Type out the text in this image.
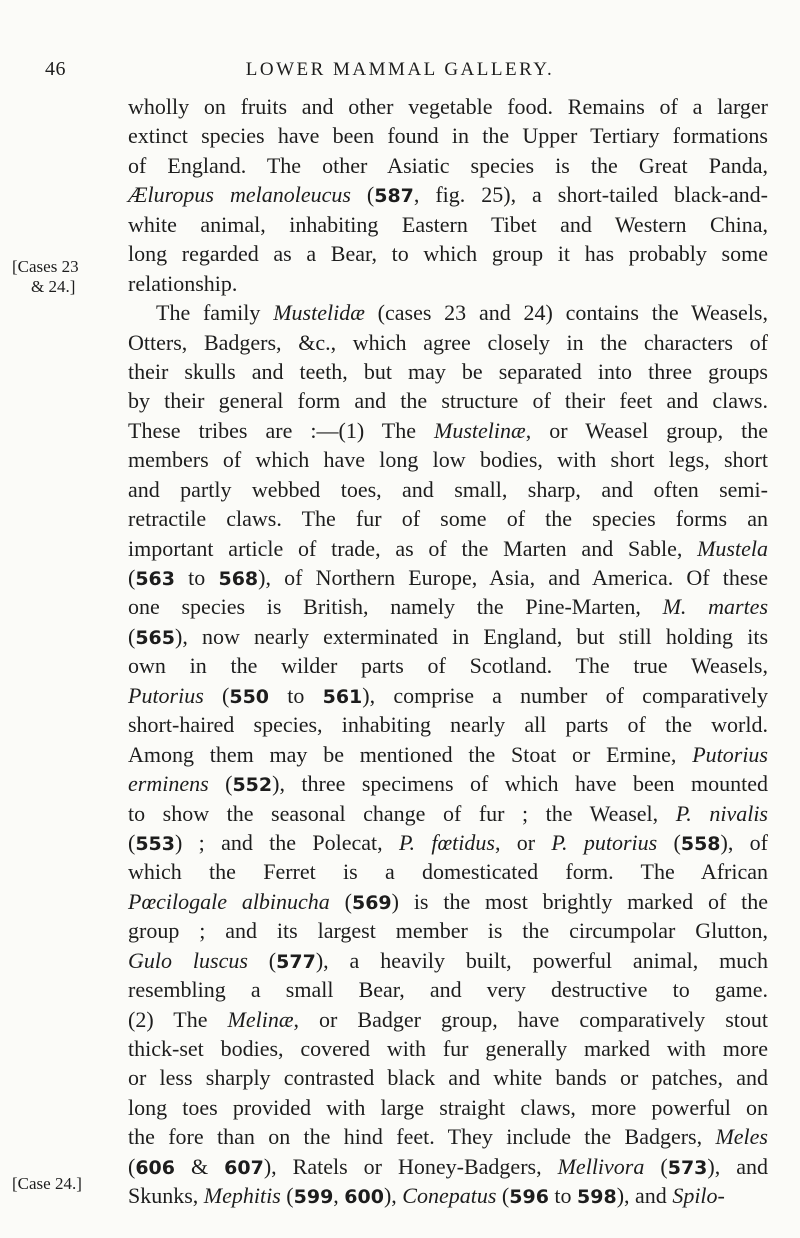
46	LOWER MAMMAL GALLERY.
[Cases 23
& 24.]
[Case 24.]
wholly on fruits and other vegetable food. Remains of a larger
extinct species have been found in the Upper Tertiary formations
of England. The other Asiatic species is the Great Panda,
Æluropus melanoleucus (587, fig. 25), a short-tailed black-and-
white animal, inhabiting Eastern Tibet and Western China,
long regarded as a Bear, to which group it has probably some
relationship.
The family Mustelidæ (cases 23 and 24) contains the Weasels,
Otters, Badgers, &c., which agree closely in the characters of
their skulls and teeth, but may be separated into three groups
by their general form and the structure of their feet and claws.
These tribes are :—(1) The Mustelinæ, or Weasel group, the
members of which have long low bodies, with short legs, short
and partly webbed toes, and small, sharp, and often semi-
retractile claws. The fur of some of the species forms an
important article of trade, as of the Marten and Sable, Mustela
(563 to 568), of Northern Europe, Asia, and America. Of these
one species is British, namely the Pine-Marten, M. martes
(565), now nearly exterminated in England, but still holding its
own in the wilder parts of Scotland. The true Weasels,
Putorius (550 to 561), comprise a number of comparatively
short-haired species, inhabiting nearly all parts of the world.
Among them may be mentioned the Stoat or Ermine, Putorius
erminens (552), three specimens of which have been mounted
to show the seasonal change of fur ; the Weasel, P. nivalis
(553) ; and the Polecat, P. fœtidus, or P. putorius (558), of
which the Ferret is a domesticated form. The African
Pœcilogale albinucha (569) is the most brightly marked of the
group ; and its largest member is the circumpolar Glutton,
Gulo luscus (577), a heavily built, powerful animal, much
resembling a small Bear, and very destructive to game.
(2) The Melinæ, or Badger group, have comparatively stout
thick-set bodies, covered with fur generally marked with more
or less sharply contrasted black and white bands or patches, and
long toes provided with large straight claws, more powerful on
the fore than on the hind feet. They include the Badgers, Meles
(606 & 607), Ratels or Honey-Badgers, Mellivora (573), and
Skunks, Mephitis (599, 600), Conepatus (596 to 598), and Spilo-
